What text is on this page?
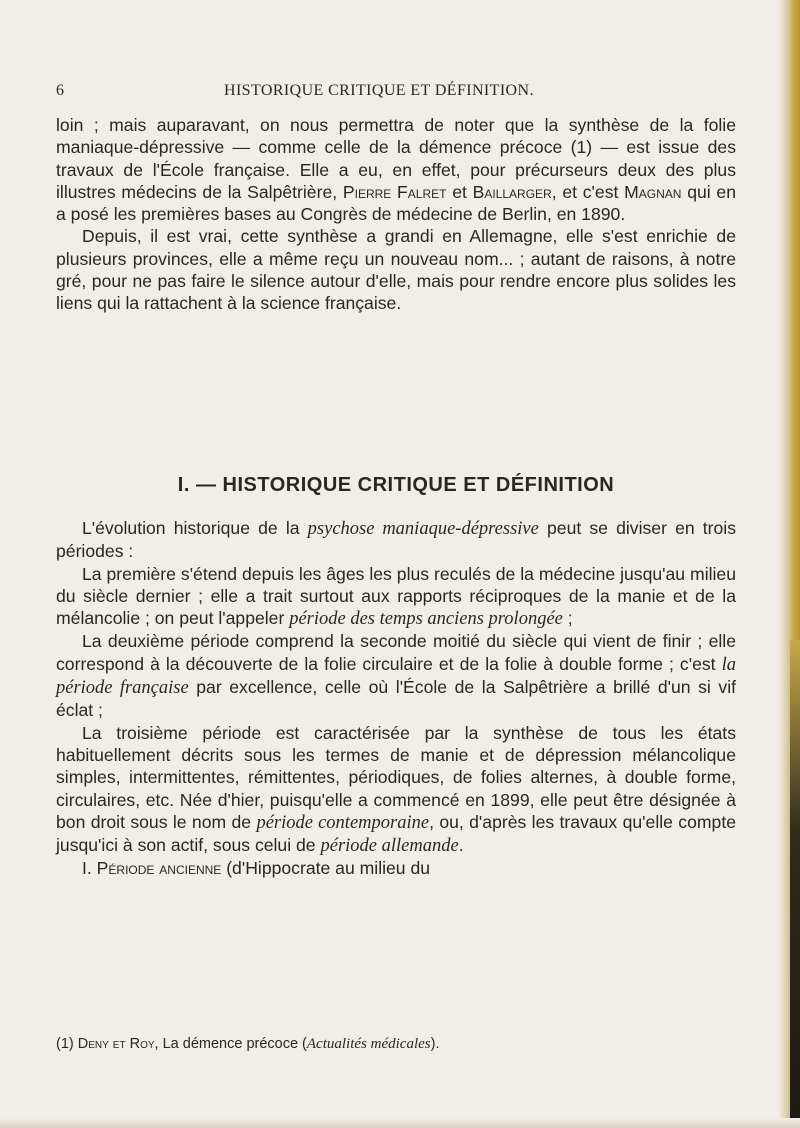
6	HISTORIQUE CRITIQUE ET DÉFINITION.

loin ; mais auparavant, on nous permettra de noter que la synthèse de la folie maniaque-dépressive — comme celle de la démence précoce (1) — est issue des travaux de l'École française. Elle a eu, en effet, pour précurseurs deux des plus illustres médecins de la Salpêtrière, Pierre Falret et Baillarger, et c'est Magnan qui en a posé les premières bases au Congrès de médecine de Berlin, en 1890.

Depuis, il est vrai, cette synthèse a grandi en Allemagne, elle s'est enrichie de plusieurs provinces, elle a même reçu un nouveau nom... ; autant de raisons, à notre gré, pour ne pas faire le silence autour d'elle, mais pour rendre encore plus solides les liens qui la rattachent à la science française.

I. — HISTORIQUE CRITIQUE ET DÉFINITION

L'évolution historique de la psychose maniaque-dépressive peut se diviser en trois périodes :

La première s'étend depuis les âges les plus reculés de la médecine jusqu'au milieu du siècle dernier ; elle a trait surtout aux rapports réciproques de la manie et de la mélancolie ; on peut l'appeler période des temps anciens prolongée ;

La deuxième période comprend la seconde moitié du siècle qui vient de finir ; elle correspond à la découverte de la folie circulaire et de la folie à double forme ; c'est la période française par excellence, celle où l'École de la Salpêtrière a brillé d'un si vif éclat ;

La troisième période est caractérisée par la synthèse de tous les états habituellement décrits sous les termes de manie et de dépression mélancolique simples, intermittentes, rémittentes, périodiques, de folies alternes, à double forme, circulaires, etc. Née d'hier, puisqu'elle a commencé en 1899, elle peut être désignée à bon droit sous le nom de période contemporaine, ou, d'après les travaux qu'elle compte jusqu'ici à son actif, sous celui de période allemande.

I. Période ancienne (d'Hippocrate au milieu du

(1) Deny et Roy, La démence précoce (Actualités médicales).
